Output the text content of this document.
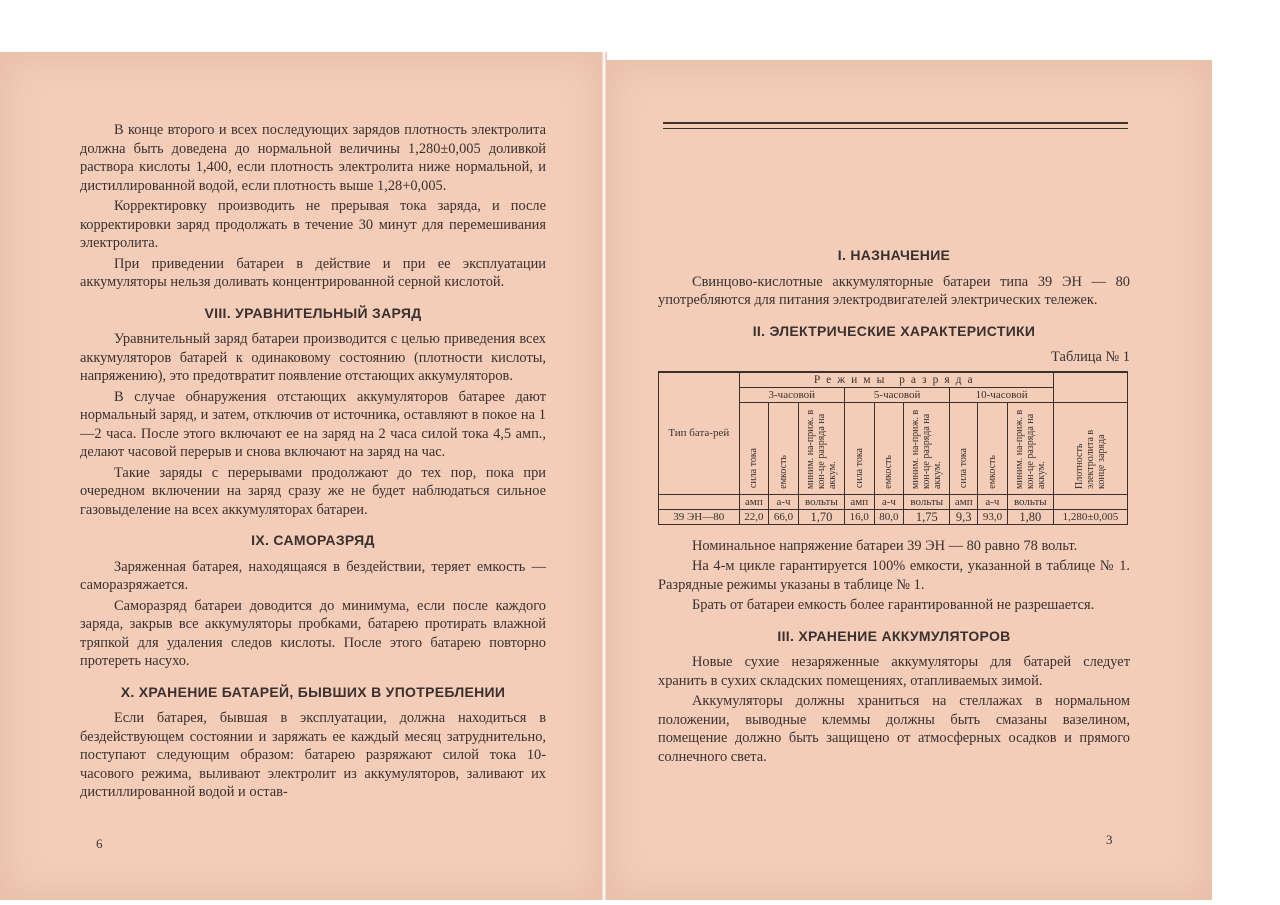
В конце второго и всех последующих зарядов плотность электролита должна быть доведена до нормальной величины 1,280±0,005 доливкой раствора кислоты 1,400, если плотность электролита ниже нормальной, и дистиллированной водой, если плотность выше 1,28+0,005.

Корректировку производить не прерывая тока заряда, и после корректировки заряд продолжать в течение 30 минут для перемешивания электролита.

При приведении батареи в действие и при ее эксплуатации аккумуляторы нельзя доливать концентрированной серной кислотой.

VIII. УРАВНИТЕЛЬНЫЙ ЗАРЯД

Уравнительный заряд батареи производится с целью приведения всех аккумуляторов батарей к одинаковому состоянию (плотности кислоты, напряжению), это предотвратит появление отстающих аккумуляторов.

В случае обнаружения отстающих аккумуляторов батарее дают нормальный заряд, и затем, отключив от источника, оставляют в покое на 1—2 часа. После этого включают ее на заряд на 2 часа силой тока 4,5 амп., делают часовой перерыв и снова включают на заряд на час.

Такие заряды с перерывами продолжают до тех пор, пока при очередном включении на заряд сразу же не будет наблюдаться сильное газовыделение на всех аккумуляторах батареи.

IX. САМОРАЗРЯД

Заряженная батарея, находящаяся в бездействии, теряет емкость — саморазряжается.

Саморазряд батареи доводится до минимума, если после каждого заряда, закрыв все аккумуляторы пробками, батарею протирать влажной тряпкой для удаления следов кислоты. После этого батарею повторно протереть насухо.

X. ХРАНЕНИЕ БАТАРЕЙ, БЫВШИХ В УПОТРЕБЛЕНИИ

Если батарея, бывшая в эксплуатации, должна находиться в бездействующем состоянии и заряжать ее каждый месяц затруднительно, поступают следующим образом: батарею разряжают силой тока 10-часового режима, выливают электролит из аккумуляторов, заливают их дистиллированной водой и остав-

6
I. НАЗНАЧЕНИЕ

Свинцово-кислотные аккумуляторные батареи типа 39 ЭН — 80 употребляются для питания электродвигателей электрических тележек.

II. ЭЛЕКТРИЧЕСКИЕ ХАРАКТЕРИСТИКИ

Таблица № 1

Тип бата-рей	Режимы разряда									
	3-часовой			5-часовой			10-часовой			
	сила тока	емкость	миним. на-приж. в кон-це разряда на аккум.	сила тока	емкость	миним. на-приж. в кон-це разряда на аккум.	сила тока	емкость	миним. на-приж. в кон-це разряда на аккум.	Плотность электролита в конце заряда
	амп	а-ч	вольты	амп	а-ч	вольты	амп	а-ч	вольты	
39 ЭН—80	22,0	66,0	1,70	16,0	80,0	1,75	9,3	93,0	1,80	1,280±0,005

Номинальное напряжение батареи 39 ЭН — 80 равно 78 вольт.

На 4-м цикле гарантируется 100% емкости, указанной в таблице № 1. Разрядные режимы указаны в таблице № 1.

Брать от батареи емкость более гарантированной не разрешается.

III. ХРАНЕНИЕ АККУМУЛЯТОРОВ

Новые сухие незаряженные аккумуляторы для батарей следует хранить в сухих складских помещениях, отапливаемых зимой.

Аккумуляторы должны храниться на стеллажах в нормальном положении, выводные клеммы должны быть смазаны вазелином, помещение должно быть защищено от атмосферных осадков и прямого солнечного света.

3
